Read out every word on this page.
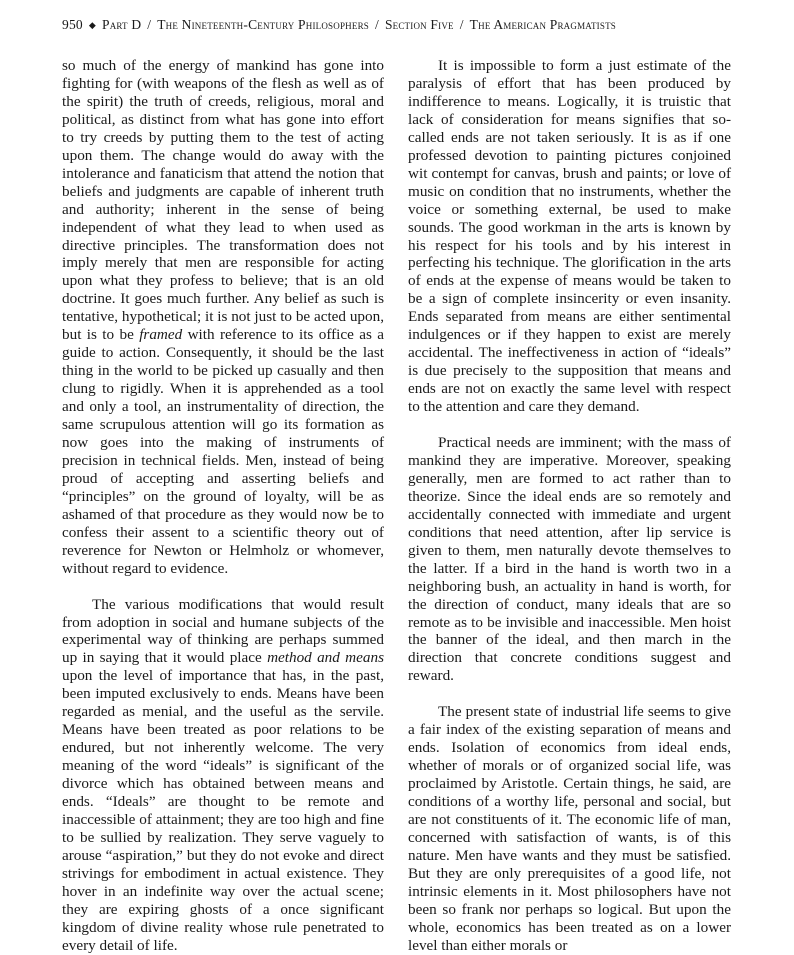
950 ◆ Part D / The Nineteenth-Century Philosophers / Section Five / The American Pragmatists

so much of the energy of mankind has gone into fighting for (with weapons of the flesh as well as of the spirit) the truth of creeds, religious, moral and political, as distinct from what has gone into effort to try creeds by putting them to the test of acting upon them. The change would do away with the intolerance and fanaticism that attend the notion that beliefs and judgments are capable of inherent truth and authority; inherent in the sense of being independent of what they lead to when used as directive principles. The transformation does not imply merely that men are responsible for acting upon what they profess to believe; that is an old doctrine. It goes much further. Any belief as such is tentative, hypothetical; it is not just to be acted upon, but is to be framed with reference to its office as a guide to action. Consequently, it should be the last thing in the world to be picked up casually and then clung to rigidly. When it is apprehended as a tool and only a tool, an instrumentality of direction, the same scrupulous attention will go its formation as now goes into the making of instruments of precision in technical fields. Men, instead of being proud of accepting and asserting beliefs and “principles” on the ground of loyalty, will be as ashamed of that procedure as they would now be to confess their assent to a scientific theory out of reverence for Newton or Helmholz or whomever, without regard to evidence.

The various modifications that would result from adoption in social and humane subjects of the experimental way of thinking are perhaps summed up in saying that it would place method and means upon the level of importance that has, in the past, been imputed exclusively to ends. Means have been regarded as menial, and the useful as the servile. Means have been treated as poor relations to be endured, but not inherently welcome. The very meaning of the word “ideals” is significant of the divorce which has obtained between means and ends. “Ideals” are thought to be remote and inaccessible of attainment; they are too high and fine to be sullied by realization. They serve vaguely to arouse “aspiration,” but they do not evoke and direct strivings for embodiment in actual existence. They hover in an indefinite way over the actual scene; they are expiring ghosts of a once significant kingdom of divine reality whose rule penetrated to every detail of life.

It is impossible to form a just estimate of the paralysis of effort that has been produced by indifference to means. Logically, it is truistic that lack of consideration for means signifies that so-called ends are not taken seriously. It is as if one professed devotion to painting pictures conjoined wit contempt for canvas, brush and paints; or love of music on condition that no instruments, whether the voice or something external, be used to make sounds. The good workman in the arts is known by his respect for his tools and by his interest in perfecting his technique. The glorification in the arts of ends at the expense of means would be taken to be a sign of complete insincerity or even insanity. Ends separated from means are either sentimental indulgences or if they happen to exist are merely accidental. The ineffectiveness in action of “ideals” is due precisely to the supposition that means and ends are not on exactly the same level with respect to the attention and care they demand.

Practical needs are imminent; with the mass of mankind they are imperative. Moreover, speaking generally, men are formed to act rather than to theorize. Since the ideal ends are so remotely and accidentally connected with immediate and urgent conditions that need attention, after lip service is given to them, men naturally devote themselves to the latter. If a bird in the hand is worth two in a neighboring bush, an actuality in hand is worth, for the direction of conduct, many ideals that are so remote as to be invisible and inaccessible. Men hoist the banner of the ideal, and then march in the direction that concrete conditions suggest and reward.

The present state of industrial life seems to give a fair index of the existing separation of means and ends. Isolation of economics from ideal ends, whether of morals or of organized social life, was proclaimed by Aristotle. Certain things, he said, are conditions of a worthy life, personal and social, but are not constituents of it. The economic life of man, concerned with satisfaction of wants, is of this nature. Men have wants and they must be satisfied. But they are only prerequisites of a good life, not intrinsic elements in it. Most philosophers have not been so frank nor perhaps so logical. But upon the whole, economics has been treated as on a lower level than either morals or
